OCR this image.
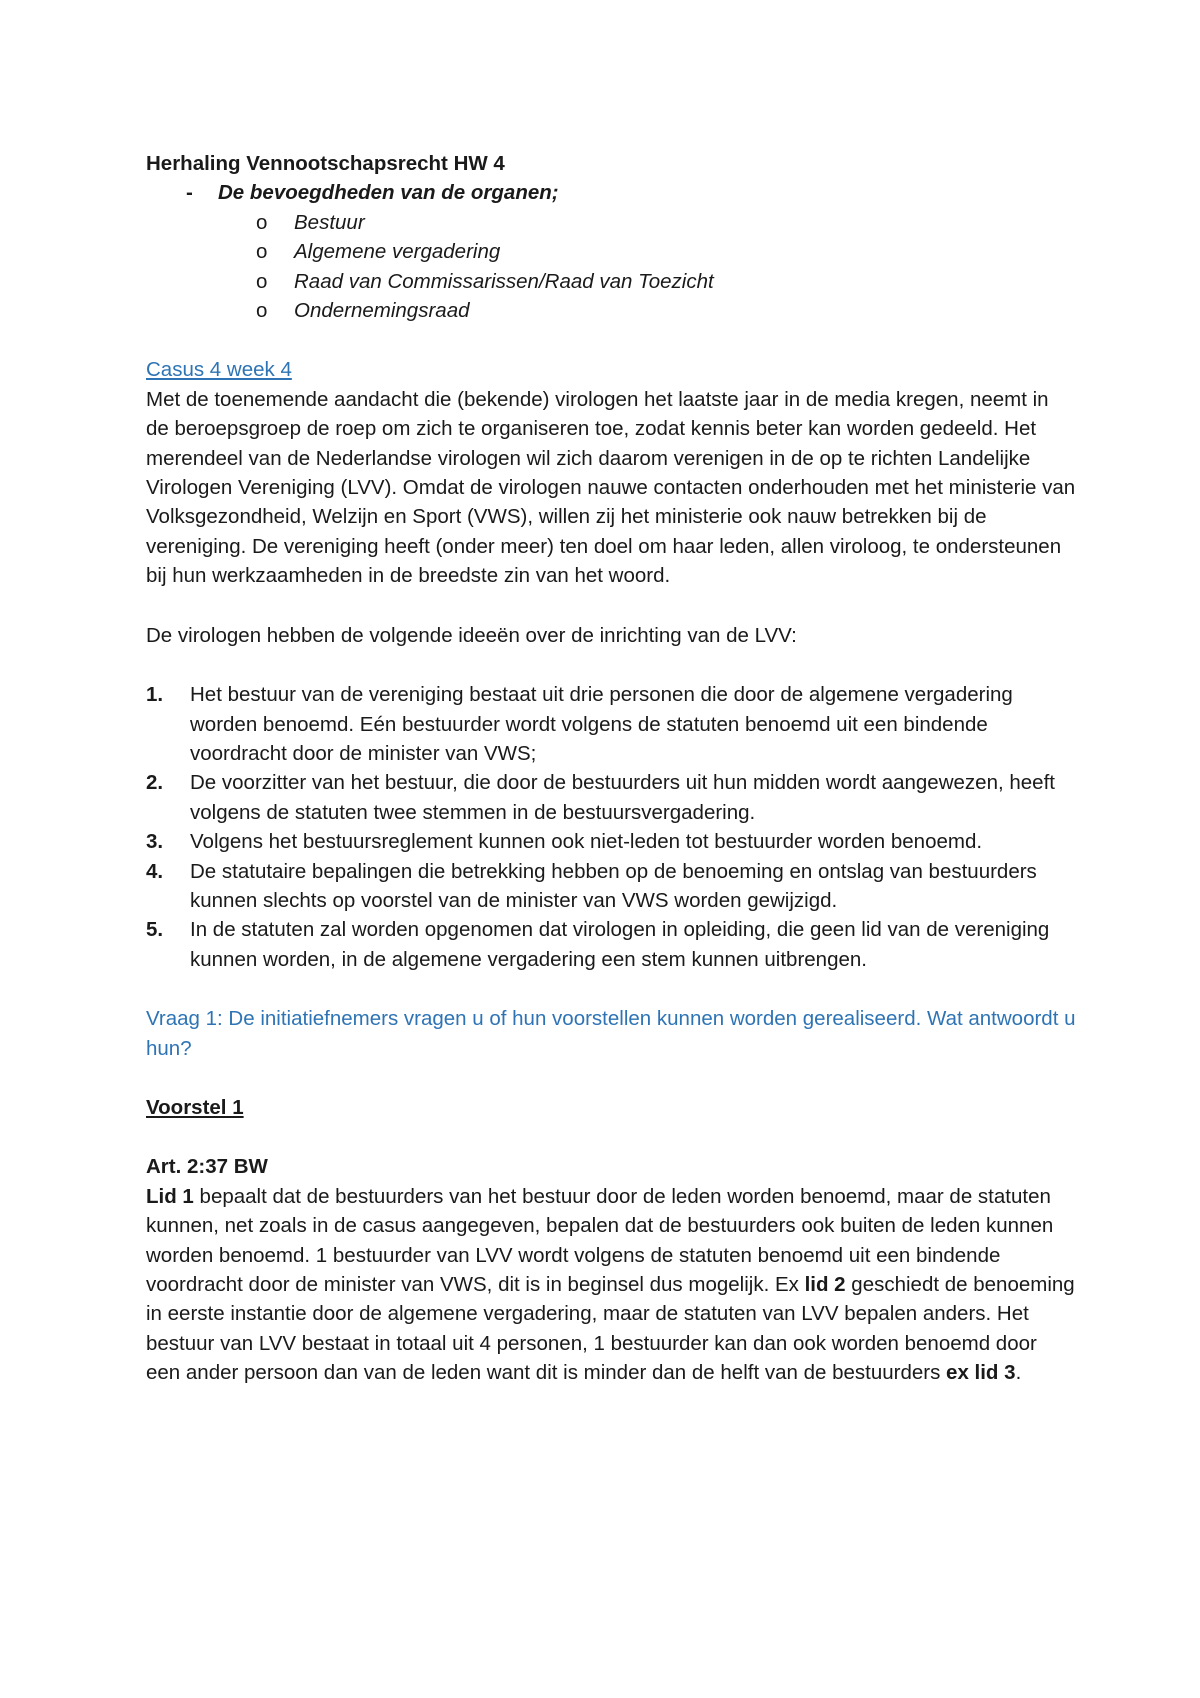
Herhaling Vennootschapsrecht HW 4

- De bevoegdheden van de organen;
o Bestuur
o Algemene vergadering
o Raad van Commissarissen/Raad van Toezicht
o Ondernemingsraad
Casus 4 week 4

Met de toenemende aandacht die (bekende) virologen het laatste jaar in de media kregen, neemt in de beroepsgroep de roep om zich te organiseren toe, zodat kennis beter kan worden gedeeld. Het merendeel van de Nederlandse virologen wil zich daarom verenigen in de op te richten Landelijke Virologen Vereniging (LVV). Omdat de virologen nauwe contacten onderhouden met het ministerie van Volksgezondheid, Welzijn en Sport (VWS), willen zij het ministerie ook nauw betrekken bij de vereniging. De vereniging heeft (onder meer) ten doel om haar leden, allen viroloog, te ondersteunen bij hun werkzaamheden in de breedste zin van het woord.

De virologen hebben de volgende ideeën over de inrichting van de LVV:

1. Het bestuur van de vereniging bestaat uit drie personen die door de algemene vergadering worden benoemd. Eén bestuurder wordt volgens de statuten benoemd uit een bindende voordracht door de minister van VWS;
2. De voorzitter van het bestuur, die door de bestuurders uit hun midden wordt aangewezen, heeft volgens de statuten twee stemmen in de bestuursvergadering.
3. Volgens het bestuursreglement kunnen ook niet-leden tot bestuurder worden benoemd.
4. De statutaire bepalingen die betrekking hebben op de benoeming en ontslag van bestuurders kunnen slechts op voorstel van de minister van VWS worden gewijzigd.
5. In de statuten zal worden opgenomen dat virologen in opleiding, die geen lid van de vereniging kunnen worden, in de algemene vergadering een stem kunnen uitbrengen.

Vraag 1: De initiatiefnemers vragen u of hun voorstellen kunnen worden gerealiseerd. Wat antwoordt u hun?

Voorstel 1

Art. 2:37 BW

Lid 1 bepaalt dat de bestuurders van het bestuur door de leden worden benoemd, maar de statuten kunnen, net zoals in de casus aangegeven, bepalen dat de bestuurders ook buiten de leden kunnen worden benoemd. 1 bestuurder van LVV wordt volgens de statuten benoemd uit een bindende voordracht door de minister van VWS, dit is in beginsel dus mogelijk. Ex lid 2 geschiedt de benoeming in eerste instantie door de algemene vergadering, maar de statuten van LVV bepalen anders. Het bestuur van LVV bestaat in totaal uit 4 personen, 1 bestuurder kan dan ook worden benoemd door een ander persoon dan van de leden want dit is minder dan de helft van de bestuurders ex lid 3.
